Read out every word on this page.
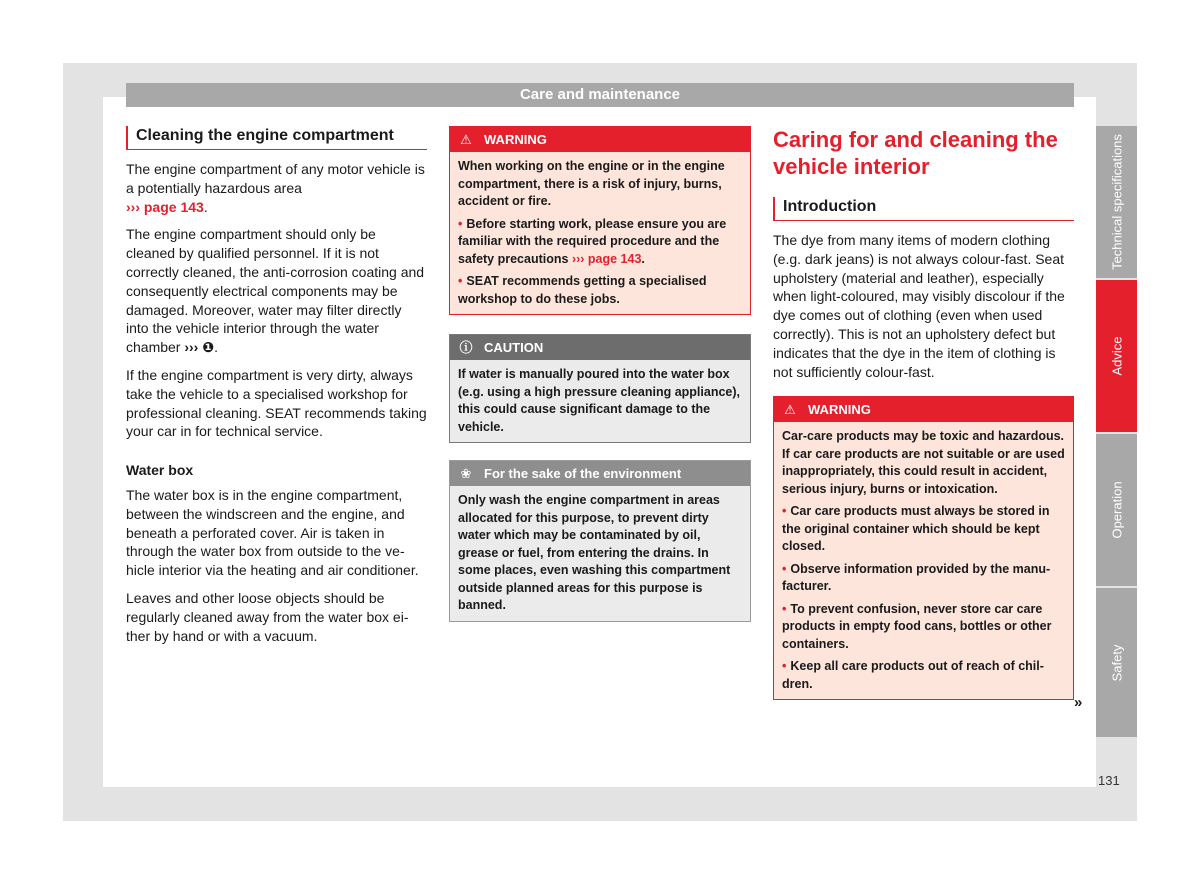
Care and maintenance
Technical specifications
Advice
Operation
Safety
Cleaning the engine compartment

The engine compartment of any motor vehicle is a potentially hazardous area
››› page 143.

The engine compartment should only be cleaned by qualified personnel. If it is not correctly cleaned, the anti-corrosion coating and consequently electrical components may be damaged. Moreover, water may filter directly into the vehicle interior through the water chamber ››› ❶.

If the engine compartment is very dirty, always take the vehicle to a specialised workshop for professional cleaning. SEAT recommends taking your car in for technical service.

Water box

The water box is in the engine compartment, between the windscreen and the engine, and beneath a perforated cover. Air is taken in through the water box from outside to the vehicle interior via the heating and air conditioner.

Leaves and other loose objects should be regularly cleaned away from the water box either by hand or with a vacuum.

⚠ WARNING

When working on the engine or in the engine compartment, there is a risk of injury, burns, accident or fire.

• Before starting work, please ensure you are familiar with the required procedure and the safety precautions ››› page 143.

• SEAT recommends getting a specialised workshop to do these jobs.

ⓘ CAUTION

If water is manually poured into the water box (e.g. using a high pressure cleaning appliance), this could cause significant damage to the vehicle.

❀ For the sake of the environment

Only wash the engine compartment in areas allocated for this purpose, to prevent dirty water which may be contaminated by oil, grease or fuel, from entering the drains. In some places, even washing this compartment outside planned areas for this purpose is banned.

Caring for and cleaning the vehicle interior
Introduction

The dye from many items of modern clothing (e.g. dark jeans) is not always colour-fast. Seat upholstery (material and leather), especially when light-coloured, may visibly discolour if the dye comes out of clothing (even when used correctly). This is not an upholstery defect but indicates that the dye in the item of clothing is not sufficiently colour-fast.

⚠ WARNING

Car-care products may be toxic and hazardous. If car care products are not suitable or are used inappropriately, this could result in accident, serious injury, burns or intoxication.

• Car care products must always be stored in the original container which should be kept closed.

• Observe information provided by the manufacturer.

• To prevent confusion, never store car care products in empty food cans, bottles or other containers.

• Keep all care products out of reach of children.

»
131
